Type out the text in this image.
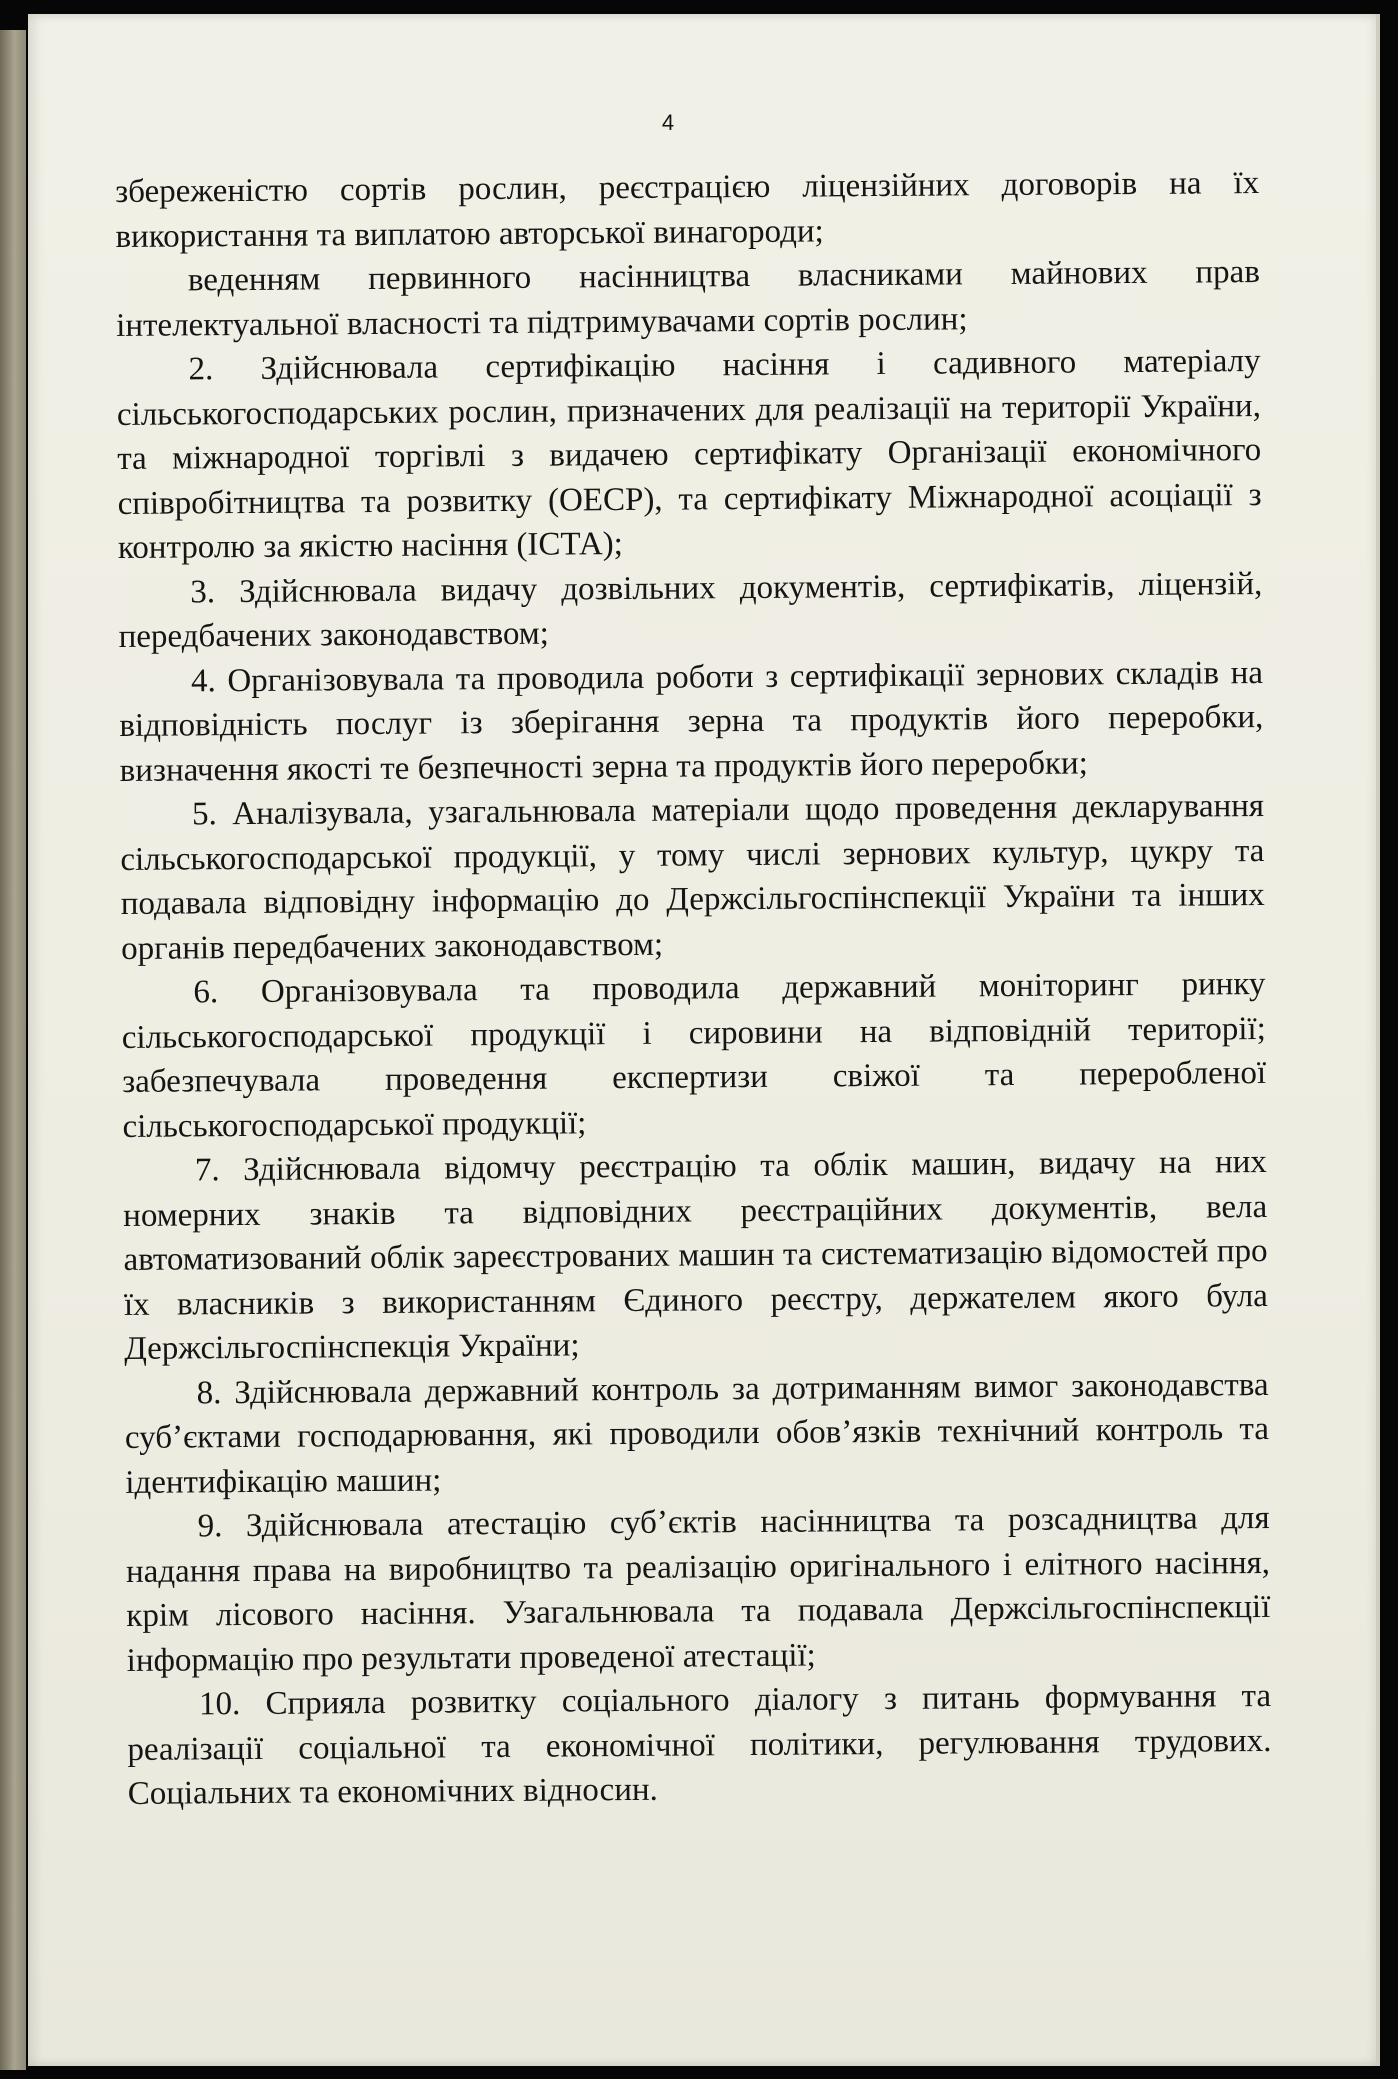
4

збереженістю сортів рослин, реєстрацією ліцензійних договорів на їх використання та виплатою авторської винагороди;

веденням первинного насінництва власниками майнових прав інтелектуальної власності та підтримувачами сортів рослин;

2. Здійснювала сертифікацію насіння і садивного матеріалу сільськогосподарських рослин, призначених для реалізації на території України, та міжнародної торгівлі з видачею сертифікату Організації економічного співробітництва та розвитку (ОЕСР), та сертифікату Міжнародної асоціації з контролю за якістю насіння (ІСТА);

3. Здійснювала видачу дозвільних документів, сертифікатів, ліцензій, передбачених законодавством;

4. Організовувала та проводила роботи з сертифікації зернових складів на відповідність послуг із зберігання зерна та продуктів його переробки, визначення якості те безпечності зерна та продуктів його переробки;

5. Аналізувала, узагальнювала матеріали щодо проведення декларування сільськогосподарської продукції, у тому числі зернових культур, цукру та подавала відповідну інформацію до Держсільгоспінспекції України та інших органів передбачених законодавством;

6. Організовувала та проводила державний моніторинг ринку сільськогосподарської продукції і сировини на відповідній території; забезпечувала проведення експертизи свіжої та переробленої сільськогосподарської продукції;

7. Здійснювала відомчу реєстрацію та облік машин, видачу на них номерних знаків та відповідних реєстраційних документів, вела автоматизований облік зареєстрованих машин та систематизацію відомостей про їх власників з використанням Єдиного реєстру, держателем якого була Держсільгоспінспекція України;

8. Здійснювала державний контроль за дотриманням вимог законодавства суб’єктами господарювання, які проводили обов’язків технічний контроль та ідентифікацію машин;

9. Здійснювала атестацію суб’єктів насінництва та розсадництва для надання права на виробництво та реалізацію оригінального і елітного насіння, крім лісового насіння. Узагальнювала та подавала Держсільгоспінспекції інформацію про результати проведеної атестації;

10. Сприяла розвитку соціального діалогу з питань формування та реалізації соціальної та економічної політики, регулювання трудових. Соціальних та економічних відносин.
